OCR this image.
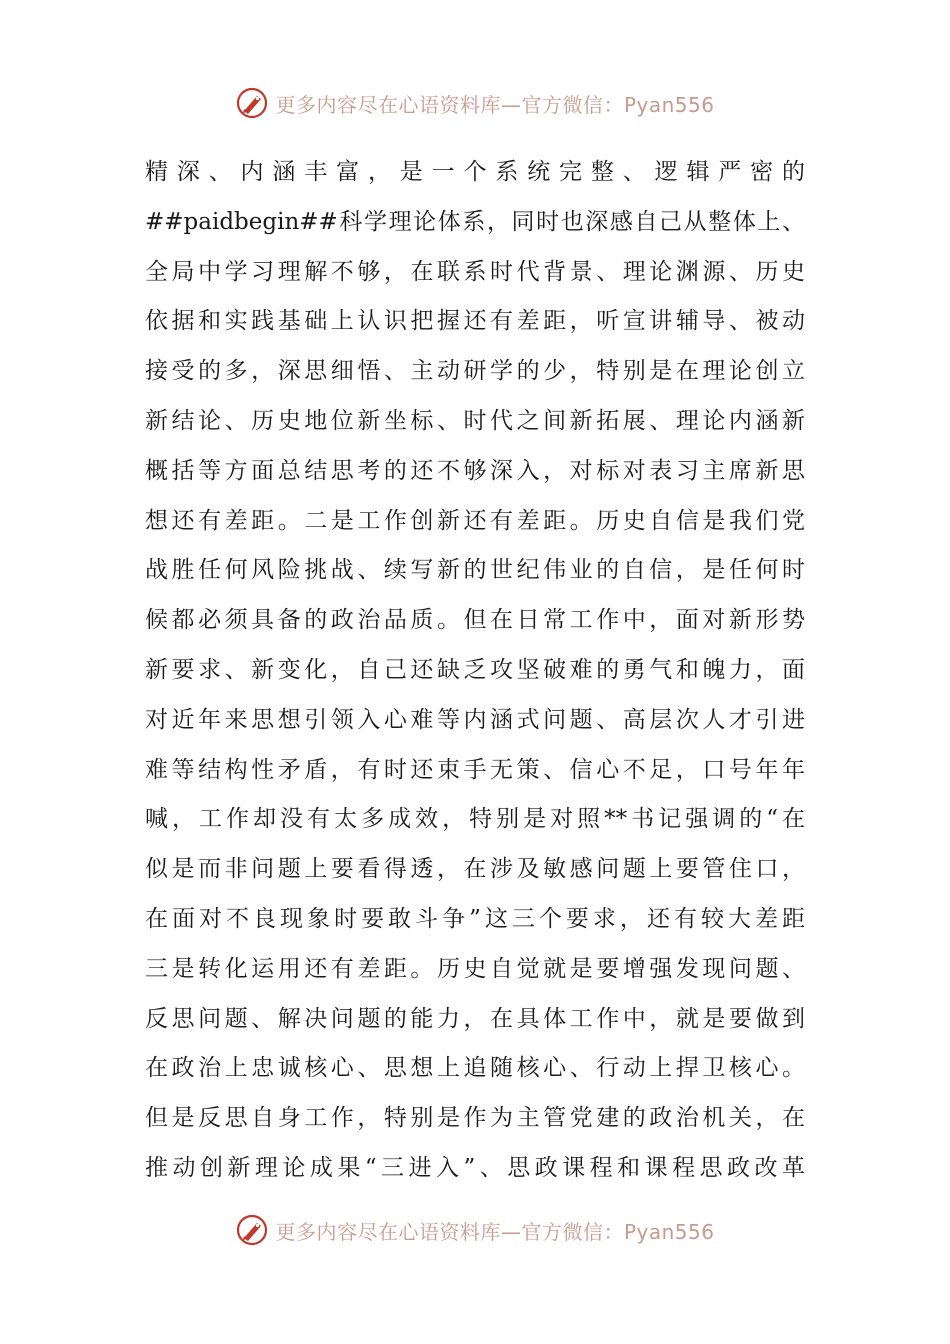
更多内容尽在心语资料库—官方微信：Pyan556
精深、内涵丰富，是一个系统完整、逻辑严密的
##paidbegin##科学理论体系，同时也深感自己从整体上、
全局中学习理解不够，在联系时代背景、理论渊源、历史
依据和实践基础上认识把握还有差距，听宣讲辅导、被动
接受的多，深思细悟、主动研学的少，特别是在理论创立
新结论、历史地位新坐标、时代之间新拓展、理论内涵新
概括等方面总结思考的还不够深入，对标对表习主席新思
想还有差距。二是工作创新还有差距。历史自信是我们党
战胜任何风险挑战、续写新的世纪伟业的自信，是任何时
候都必须具备的政治品质。但在日常工作中，面对新形势
新要求、新变化，自己还缺乏攻坚破难的勇气和魄力，面
对近年来思想引领入心难等内涵式问题、高层次人才引进
难等结构性矛盾，有时还束手无策、信心不足，口号年年
喊，工作却没有太多成效，特别是对照**书记强调的“在
似是而非问题上要看得透，在涉及敏感问题上要管住口，
在面对不良现象时要敢斗争”这三个要求，还有较大差距
三是转化运用还有差距。历史自觉就是要增强发现问题、
反思问题、解决问题的能力，在具体工作中，就是要做到
在政治上忠诚核心、思想上追随核心、行动上捍卫核心。
但是反思自身工作，特别是作为主管党建的政治机关，在
推动创新理论成果“三进入”、思政课程和课程思政改革
更多内容尽在心语资料库—官方微信：Pyan556
